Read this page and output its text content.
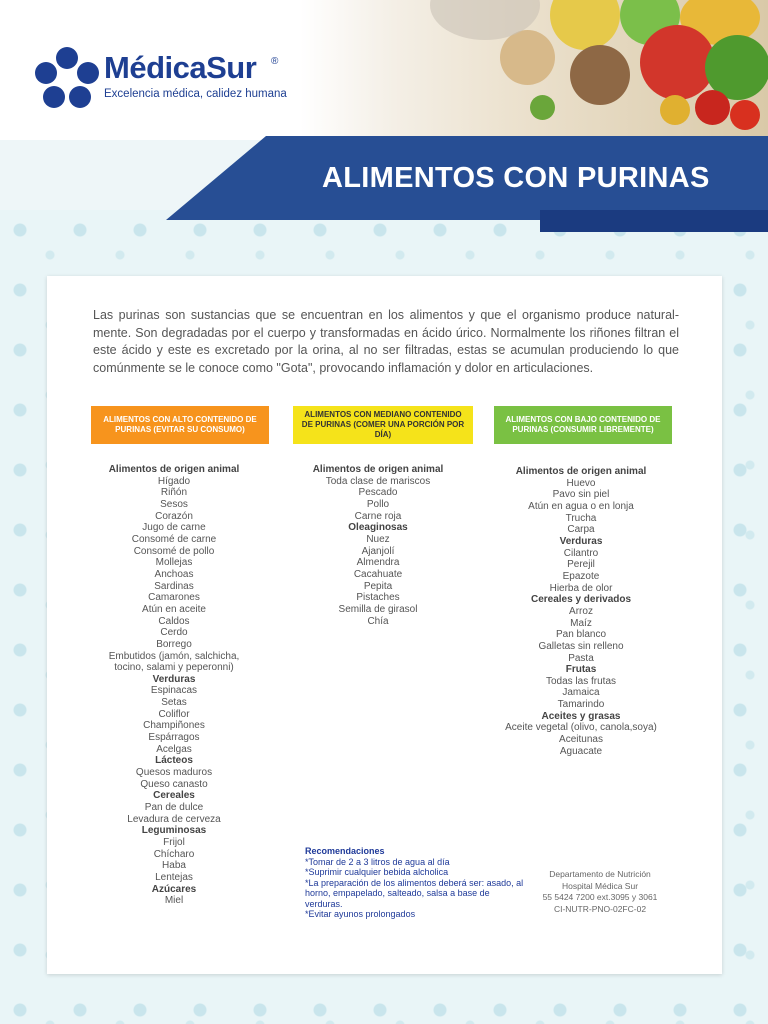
MédicaSur ®
Excelencia médica, calidez humana
ALIMENTOS CON PURINAS

Las purinas son sustancias que se encuentran en los alimentos y que el organismo produce natural-mente. Son degradadas por el cuerpo y transformadas en ácido úrico. Normalmente los riñones filtran el este ácido y este es excretado por la orina, al no ser filtradas, estas se acumulan produciendo lo que comúnmente se le conoce como "Gota", provocando inflamación y dolor en articulaciones.

ALIMENTOS CON ALTO CONTENIDO DE PURINAS (EVITAR SU CONSUMO)
ALIMENTOS CON MEDIANO CONTENIDO DE PURINAS (COMER UNA PORCIÓN POR DÍA)
ALIMENTOS CON BAJO CONTENIDO DE PURINAS (CONSUMIR LIBREMENTE)
Alimentos de origen animal
Hígado
Riñón
Sesos
Corazón
Jugo de carne
Consomé de carne
Consomé de pollo
Mollejas
Anchoas
Sardinas
Camarones
Atún en aceite
Caldos
Cerdo
Borrego
Embutidos (jamón, salchicha,
tocino, salami y peperonni)
Verduras
Espinacas
Setas
Coliflor
Champiñones
Espárragos
Acelgas
Lácteos
Quesos maduros
Queso canasto
Cereales
Pan de dulce
Levadura de cerveza
Leguminosas
Frijol
Chícharo
Haba
Lentejas
Azúcares
Miel
Alimentos de origen animal
Toda clase de mariscos
Pescado
Pollo
Carne roja
Oleaginosas
Nuez
Ajanjolí
Almendra
Cacahuate
Pepita
Pistaches
Semilla de girasol
Chía
Alimentos de origen animal
Huevo
Pavo sin piel
Atún en agua o en lonja
Trucha
Carpa
Verduras
Cilantro
Perejil
Epazote
Hierba de olor
Cereales y derivados
Arroz
Maíz
Pan blanco
Galletas sin relleno
Pasta
Frutas
Todas las frutas
Jamaica
Tamarindo
Aceites y grasas
Aceite vegetal (olivo, canola,soya)
Aceitunas
Aguacate
Recomendaciones
*Tomar de 2 a 3 litros de agua al día
*Suprimir cualquier bebida alcholica
*La preparación de los alimentos deberá ser: asado, al horno, empapelado, salteado, salsa a base de verduras.
*Evitar ayunos prolongados
Departamento de Nutrición
Hospital Médica Sur
55 5424 7200 ext.3095 y 3061
CI-NUTR-PNO-02FC-02
